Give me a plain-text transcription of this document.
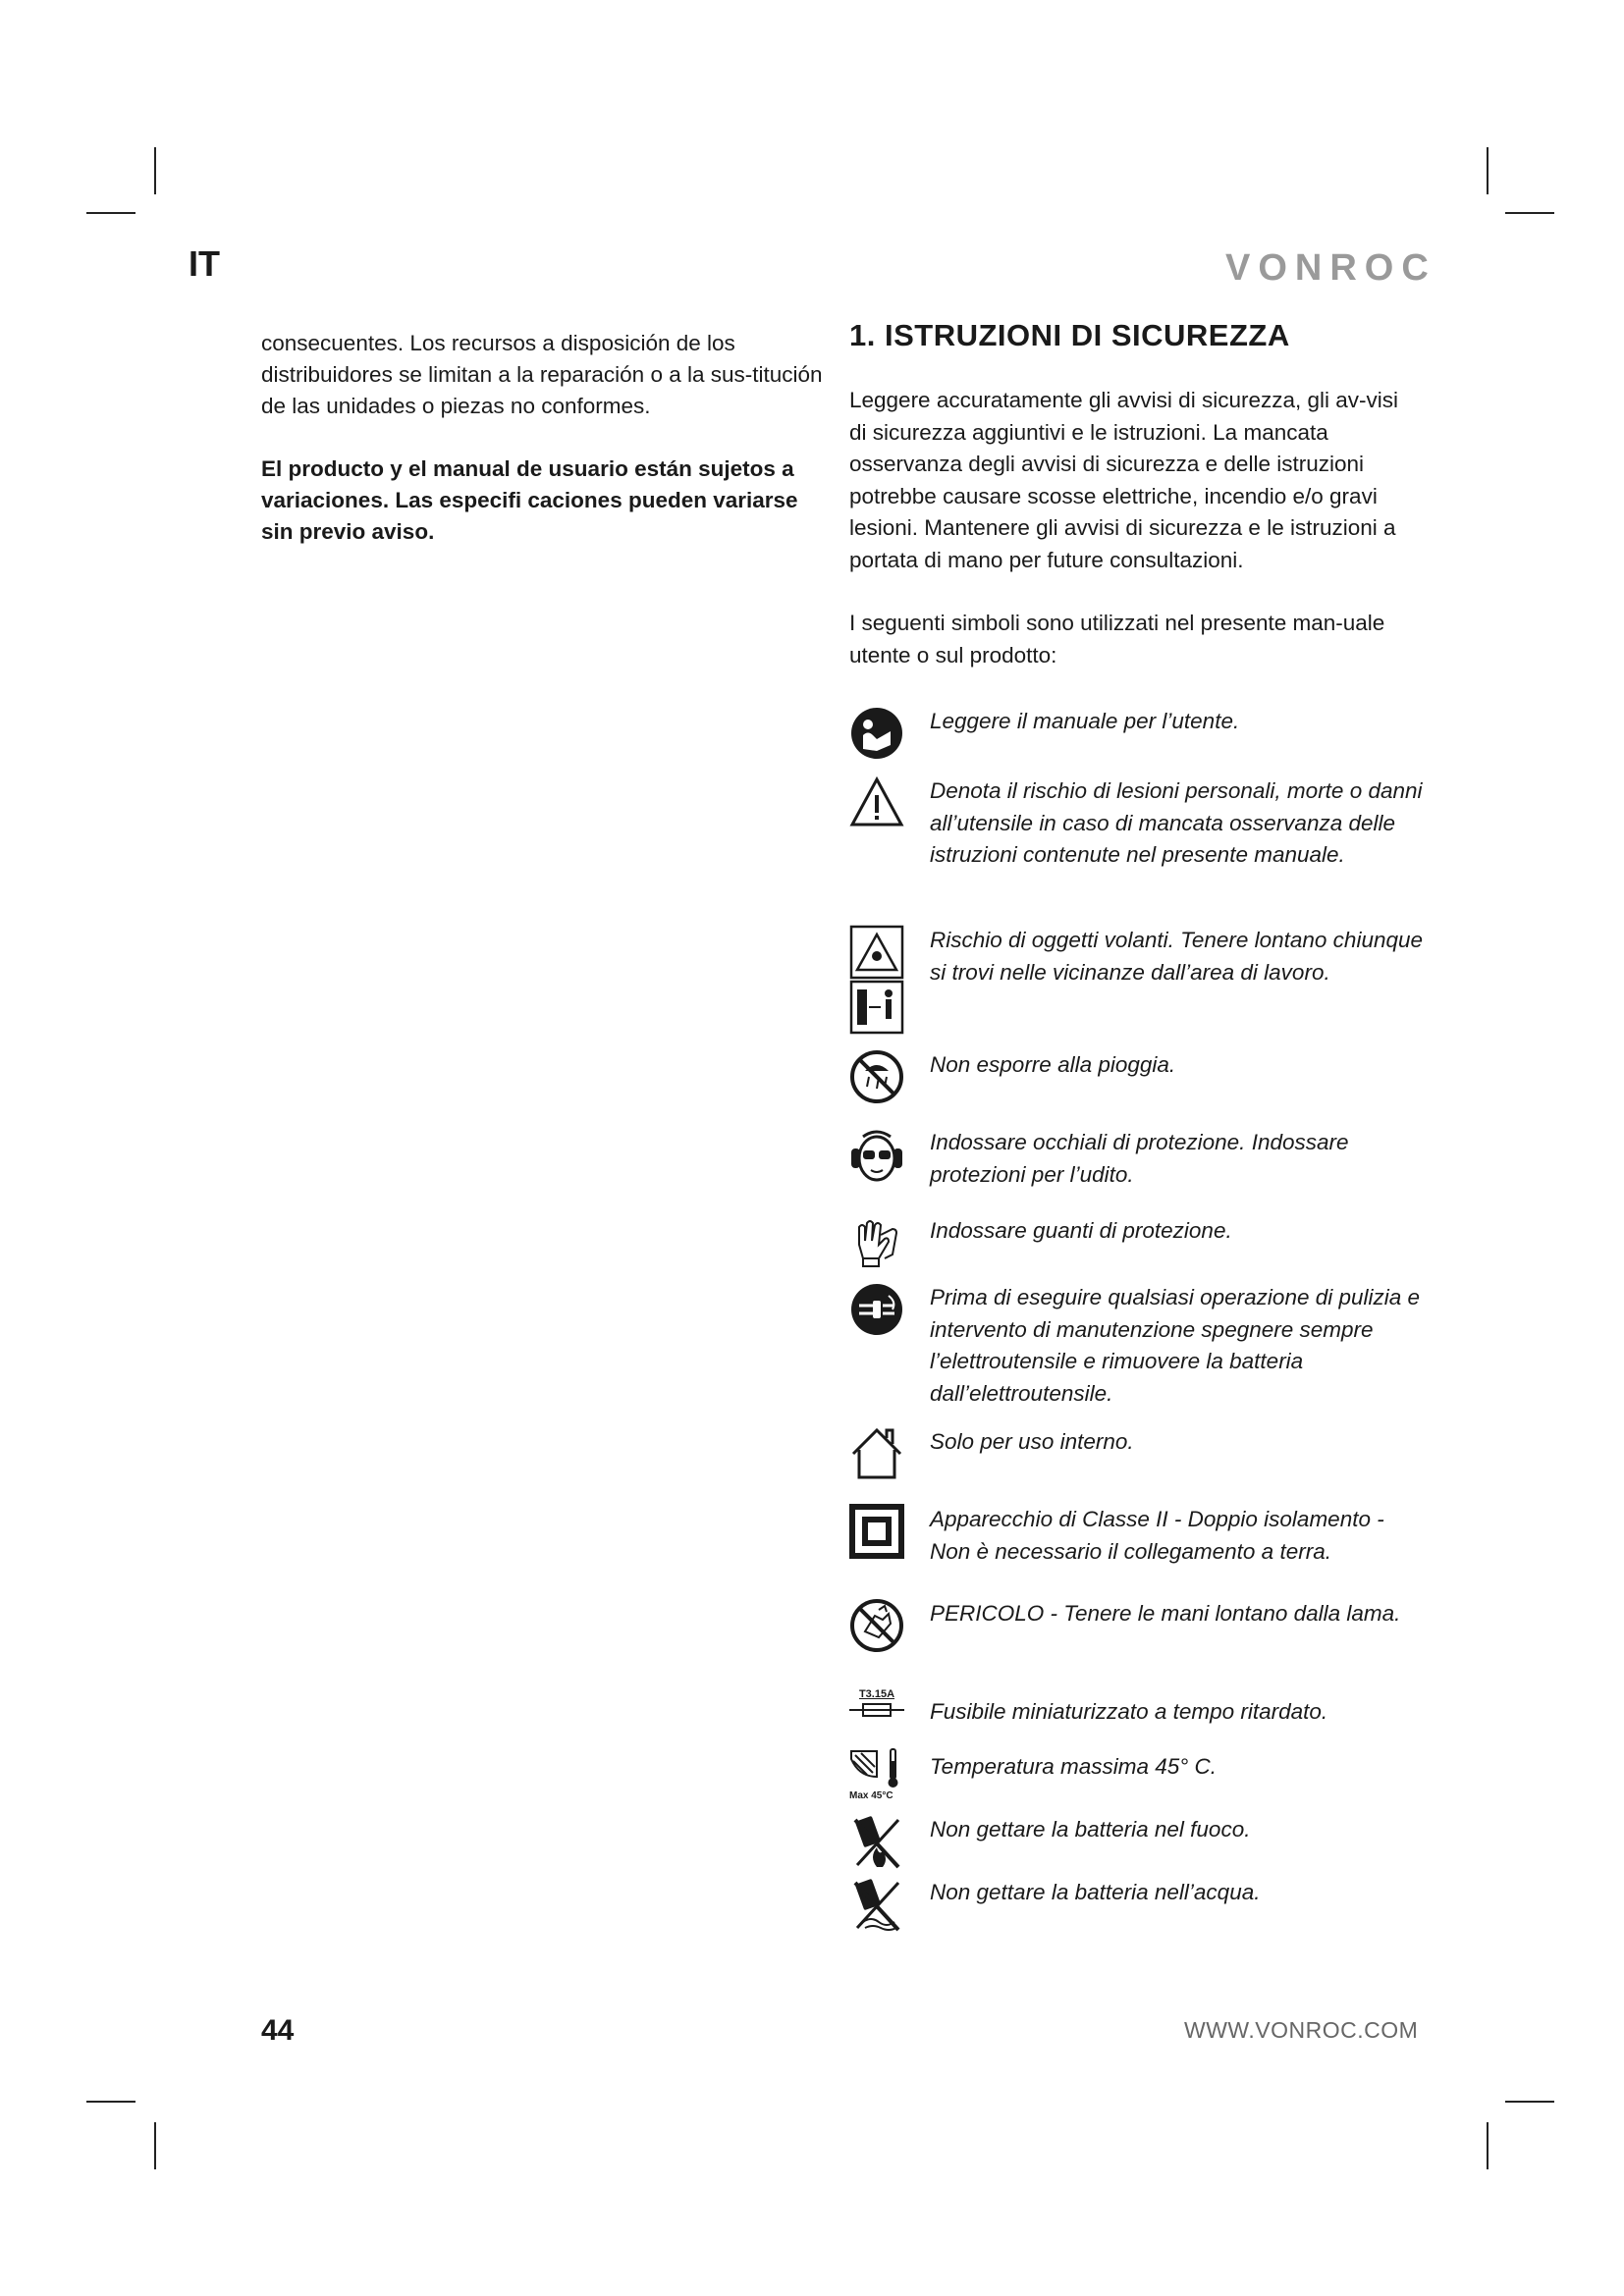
IT	VONROC

consecuentes. Los recursos a disposición de los distribuidores se limitan a la reparación o a la sus-titución de las unidades o piezas no conformes.

El producto y el manual de usuario están sujetos a variaciones. Las especifi caciones pueden variarse sin previo aviso.

1. ISTRUZIONI DI SICUREZZA

Leggere accuratamente gli avvisi di sicurezza, gli av-visi di sicurezza aggiuntivi e le istruzioni. La mancata osservanza degli avvisi di sicurezza e delle istruzioni potrebbe causare scosse elettriche, incendio e/o gravi lesioni. Mantenere gli avvisi di sicurezza e le istruzioni a portata di mano per future consultazioni.

I seguenti simboli sono utilizzati nel presente man-uale utente o sul prodotto:

Leggere il manuale per l’utente.
Denota il rischio di lesioni personali, morte o danni all’utensile in caso di mancata osservanza delle istruzioni contenute nel presente manuale.
Rischio di oggetti volanti. Tenere lontano chiunque si trovi nelle vicinanze dall’area di lavoro.
Non esporre alla pioggia.
Indossare occhiali di protezione. Indossare protezioni per l’udito.
Indossare guanti di protezione.
Prima di eseguire qualsiasi operazione di pulizia e intervento di manutenzione spegnere sempre l’elettroutensile e rimuovere la batteria dall’elettroutensile.
Solo per uso interno.
Apparecchio di Classe II - Doppio isolamento - Non è necessario il collegamento a terra.
PERICOLO - Tenere le mani lontano dalla lama.
T3.15A
Fusibile miniaturizzato a tempo ritardato.
Max 45°C
Temperatura massima 45° C.
Non gettare la batteria nel fuoco.
Non gettare la batteria nell’acqua.
44	WWW.VONROC.COM
